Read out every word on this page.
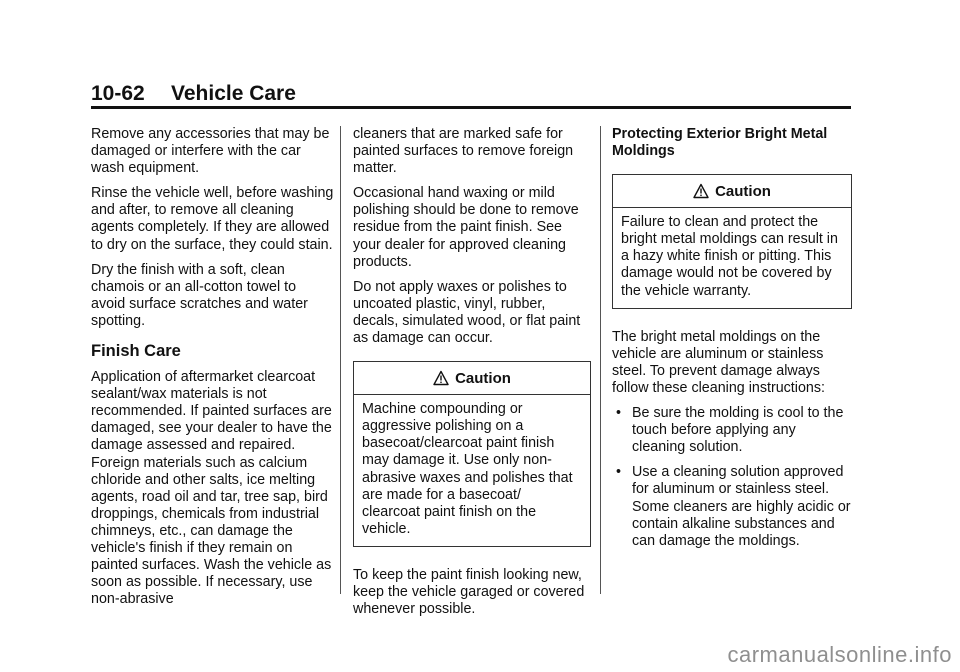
10-62 Vehicle Care

Remove any accessories that may be damaged or interfere with the car wash equipment.

Rinse the vehicle well, before washing and after, to remove all cleaning agents completely. If they are allowed to dry on the surface, they could stain.

Dry the finish with a soft, clean chamois or an all-cotton towel to avoid surface scratches and water spotting.

Finish Care

Application of aftermarket clearcoat sealant/wax materials is not recommended. If painted surfaces are damaged, see your dealer to have the damage assessed and repaired. Foreign materials such as calcium chloride and other salts, ice melting agents, road oil and tar, tree sap, bird droppings, chemicals from industrial chimneys, etc., can damage the vehicle's finish if they remain on painted surfaces. Wash the vehicle as soon as possible. If necessary, use non-abrasive

cleaners that are marked safe for painted surfaces to remove foreign matter.

Occasional hand waxing or mild polishing should be done to remove residue from the paint finish. See your dealer for approved cleaning products.

Do not apply waxes or polishes to uncoated plastic, vinyl, rubber, decals, simulated wood, or flat paint as damage can occur.

Caution
Machine compounding or aggressive polishing on a basecoat/clearcoat paint finish may damage it. Use only non-abrasive waxes and polishes that are made for a basecoat/ clearcoat paint finish on the vehicle.

To keep the paint finish looking new, keep the vehicle garaged or covered whenever possible.

Protecting Exterior Bright Metal Moldings

Caution
Failure to clean and protect the bright metal moldings can result in a hazy white finish or pitting. This damage would not be covered by the vehicle warranty.

The bright metal moldings on the vehicle are aluminum or stainless steel. To prevent damage always follow these cleaning instructions:

• Be sure the molding is cool to the touch before applying any cleaning solution.
• Use a cleaning solution approved for aluminum or stainless steel. Some cleaners are highly acidic or contain alkaline substances and can damage the moldings.
carmanualsonline.info
